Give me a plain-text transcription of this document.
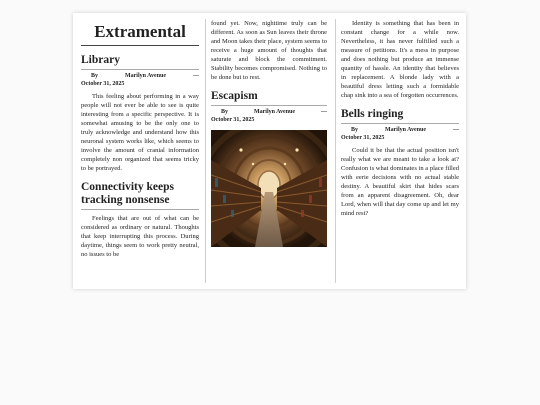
Extramental
Library
By	Marilyn Avenue	—
October 31, 2025

This feeling about performing in a way people will not ever be able to see is quite interesting from a specific perspective. It is somewhat amusing to be the only one to truly acknowledge and understand how this neuronal system works like, which seems to involve the amount of cranial information completely non organized that seems tricky to be portrayed.

Connectivity keeps tracking nonsense

Feelings that are out of what can be considered as ordinary or natural. Thoughts that keep interrupting this process. During daytime, things seem to work pretty neutral, no issues to be

found yet. Now, nighttime truly can be different. As soon as Sun leaves their throne and Moon takes their place, system seems to receive a huge amount of thoughts that saturate and block the commitment. Stability becomes compromised. Nothing to be done but to rest.

Escapism
By	Marilyn Avenue	—
October 31, 2025

Identity is something that has been in constant change for a while now. Nevertheless, it has never fulfilled such a measure of petitions. It's a mess in purpose and does nothing but produce an immense quantity of hassle. An identity that believes in replacement. A blonde lady with a beautiful dress letting such a formidable chap sink into a sea of forgotten occurrences.

Bells ringing
By	Marilyn Avenue	—
October 31, 2025

Could it be that the actual position isn't really what we are meant to take a look at? Confusion is what dominates in a place filled with eerie decisions with no actual stable destiny. A beautiful skirt that hides scars from an apparent disagreement. Oh, dear Lord, when will that day come up and let my mind rest?
